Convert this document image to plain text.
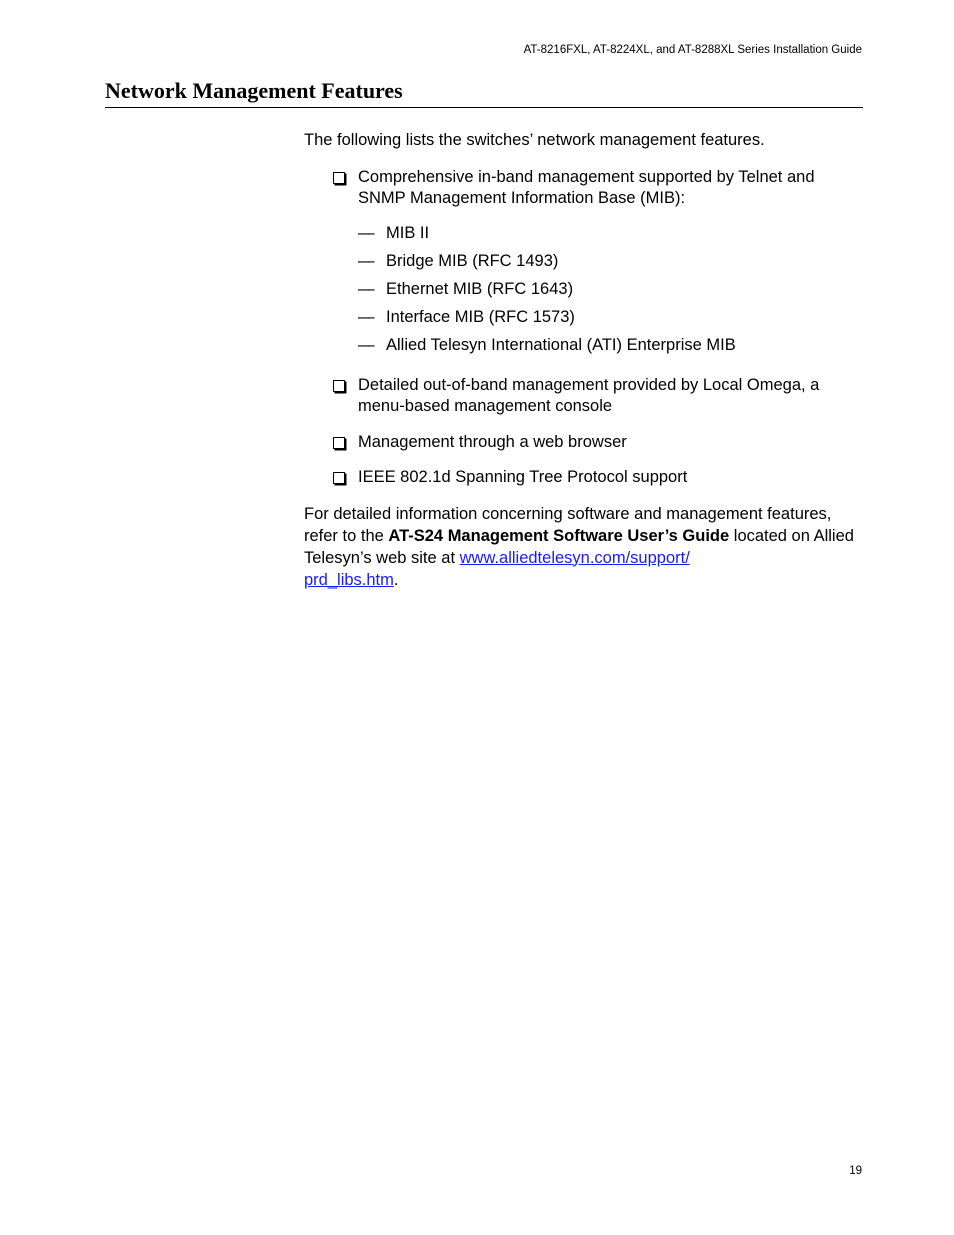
AT-8216FXL, AT-8224XL, and AT-8288XL Series Installation Guide
Network Management Features

The following lists the switches’ network management features.

Comprehensive in-band management supported by Telnet and SNMP Management Information Base (MIB):
— MIB II
— Bridge MIB (RFC 1493)
— Ethernet MIB (RFC 1643)
— Interface MIB (RFC 1573)
— Allied Telesyn International (ATI) Enterprise MIB
Detailed out-of-band management provided by Local Omega, a menu-based management console
Management through a web browser
IEEE 802.1d Spanning Tree Protocol support

For detailed information concerning software and management features, refer to the AT-S24 Management Software User’s Guide located on Allied Telesyn’s web site at www.alliedtelesyn.com/support/
prd_libs.htm.

19
